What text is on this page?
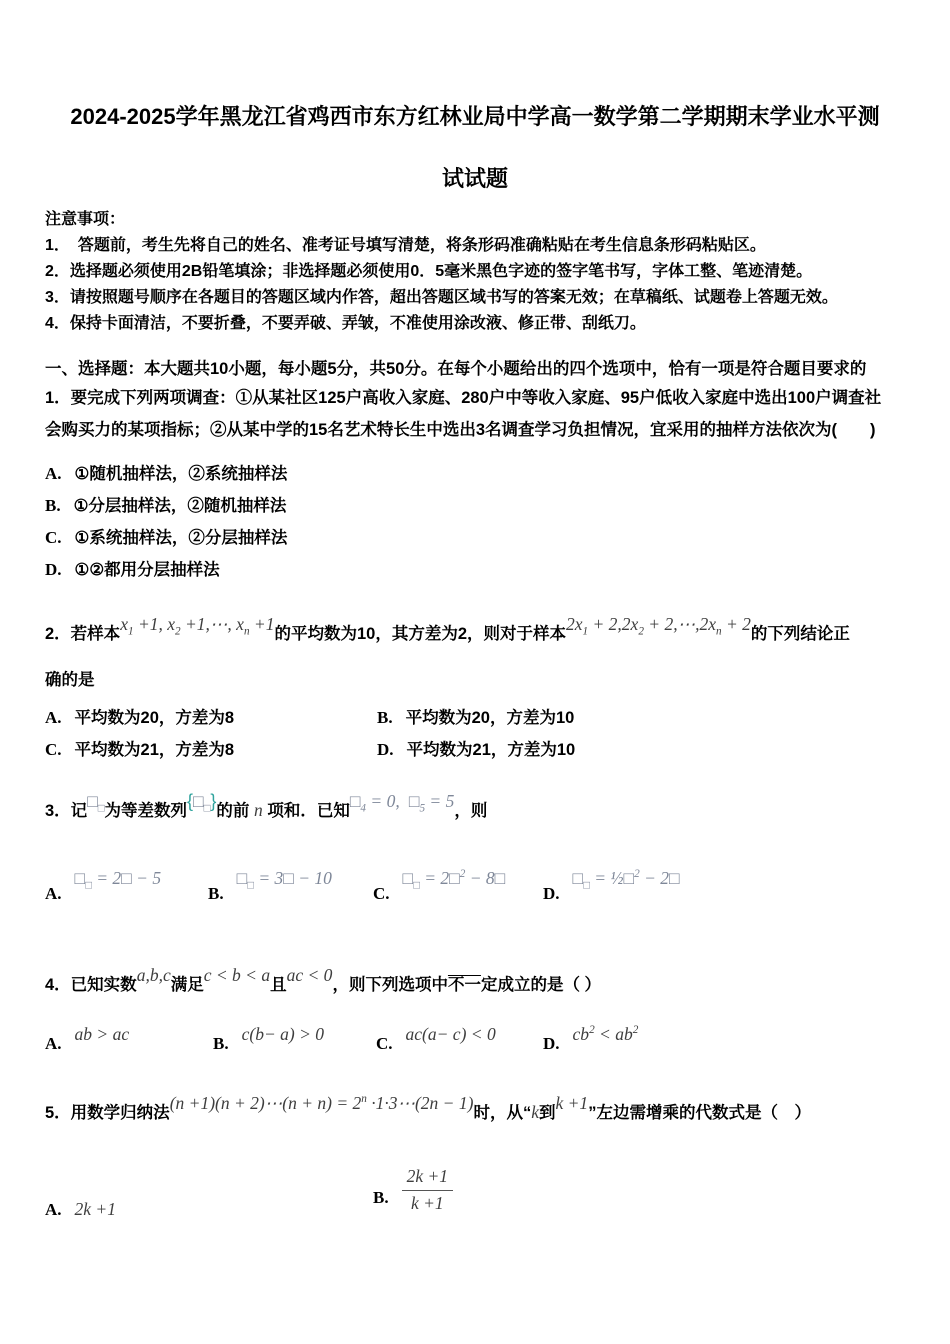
2024-2025学年黑龙江省鸡西市东方红林业局中学高一数学第二学期期末学业水平测
试试题
注意事项：
1．　答题前，考生先将自己的姓名、准考证号填写清楚，将条形码准确粘贴在考生信息条形码粘贴区。
2．选择题必须使用2B铅笔填涂；非选择题必须使用0．5毫米黑色字迹的签字笔书写，字体工整、笔迹清楚。
3．请按照题号顺序在各题目的答题区域内作答，超出答题区域书写的答案无效；在草稿纸、试题卷上答题无效。
4．保持卡面清洁，不要折叠，不要弄破、弄皱，不准使用涂改液、修正带、刮纸刀。
一、选择题：本大题共10小题，每小题5分，共50分。在每个小题给出的四个选项中，恰有一项是符合题目要求的
1．要完成下列两项调查：①从某社区125户高收入家庭、280户中等收入家庭、95户低收入家庭中选出100户调查社
会购买力的某项指标；②从某中学的15名艺术特长生中选出3名调查学习负担情况，宜采用的抽样方法依次为(　　)
A. ①随机抽样法，②系统抽样法
B. ①分层抽样法，②随机抽样法
C. ①系统抽样法，②分层抽样法
D. ①②都用分层抽样法
2．若样本$x_1 +1$, $x_2$ +1,⋯, $x_n +1$的平均数为10，其方差为2，则对于样本$2x_1 + 2,2x_2$ + $2,\cdots,2x_n + 2$的下列结论正
确的是
A. 平均数为20，方差为8	B. 平均数为20，方差为10
C. 平均数为21，方差为8	D. 平均数为21，方差为10
3．记$□_□$为等差数列$\{□_□\}$的前 n 项和．已知$□_4 = 0$, $□_5 = 5$，则
$A.□_□$ = 2□ − 5
$B.□_□$ = 3□ − 10
$C.□_□$ = 2□$^2$ − 8□
$D.□_□$ = ½□$^2$ − 2□
4．已知实数a,b,c满足c < b < a且ac < 0，则下列选项中不一定成立的是（ ）
A. ab > ac	B. c(b− a) > 0	C. ac(a− c) < 0	D. $cb^2 < ab^2$
5．用数学归纳法(n +1)(n + 2)⋯(n + $n) = 2^n$ ·1·3⋯(2n − 1)时，从“k到k +1”左边需增乘的代数式是（　）
A. 2k +1
B. $\frac{2k +1}{k +1}$
